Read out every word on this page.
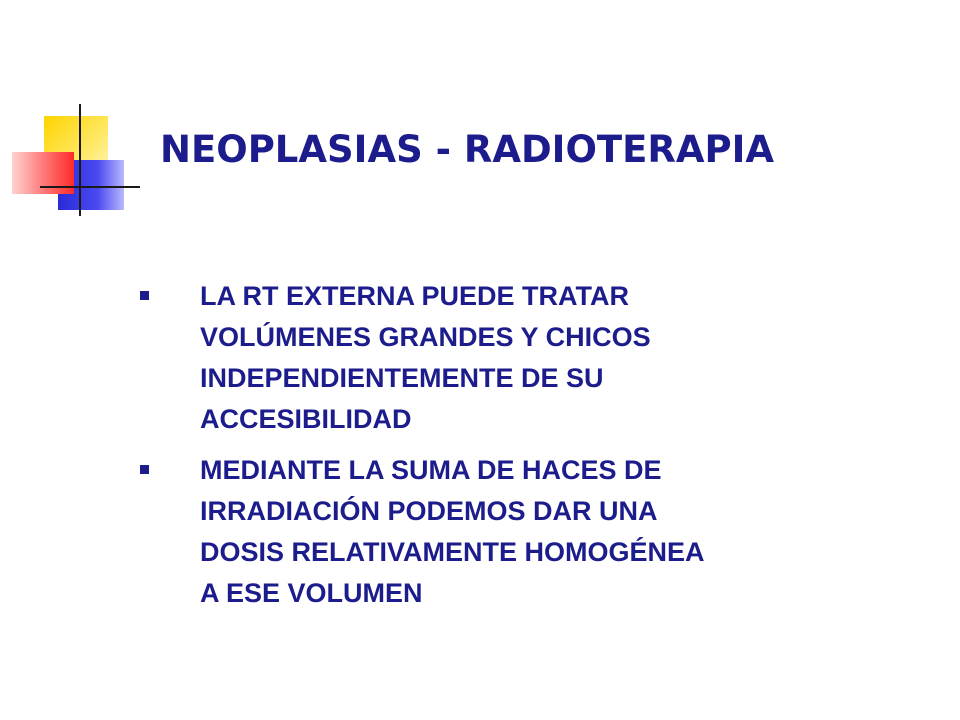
NEOPLASIAS - RADIOTERAPIA
LA RT EXTERNA PUEDE TRATAR
VOLÚMENES GRANDES Y CHICOS
INDEPENDIENTEMENTE DE SU
ACCESIBILIDAD
MEDIANTE LA SUMA DE HACES DE
IRRADIACIÓN PODEMOS DAR UNA
DOSIS RELATIVAMENTE HOMOGÉNEA
A ESE VOLUMEN
